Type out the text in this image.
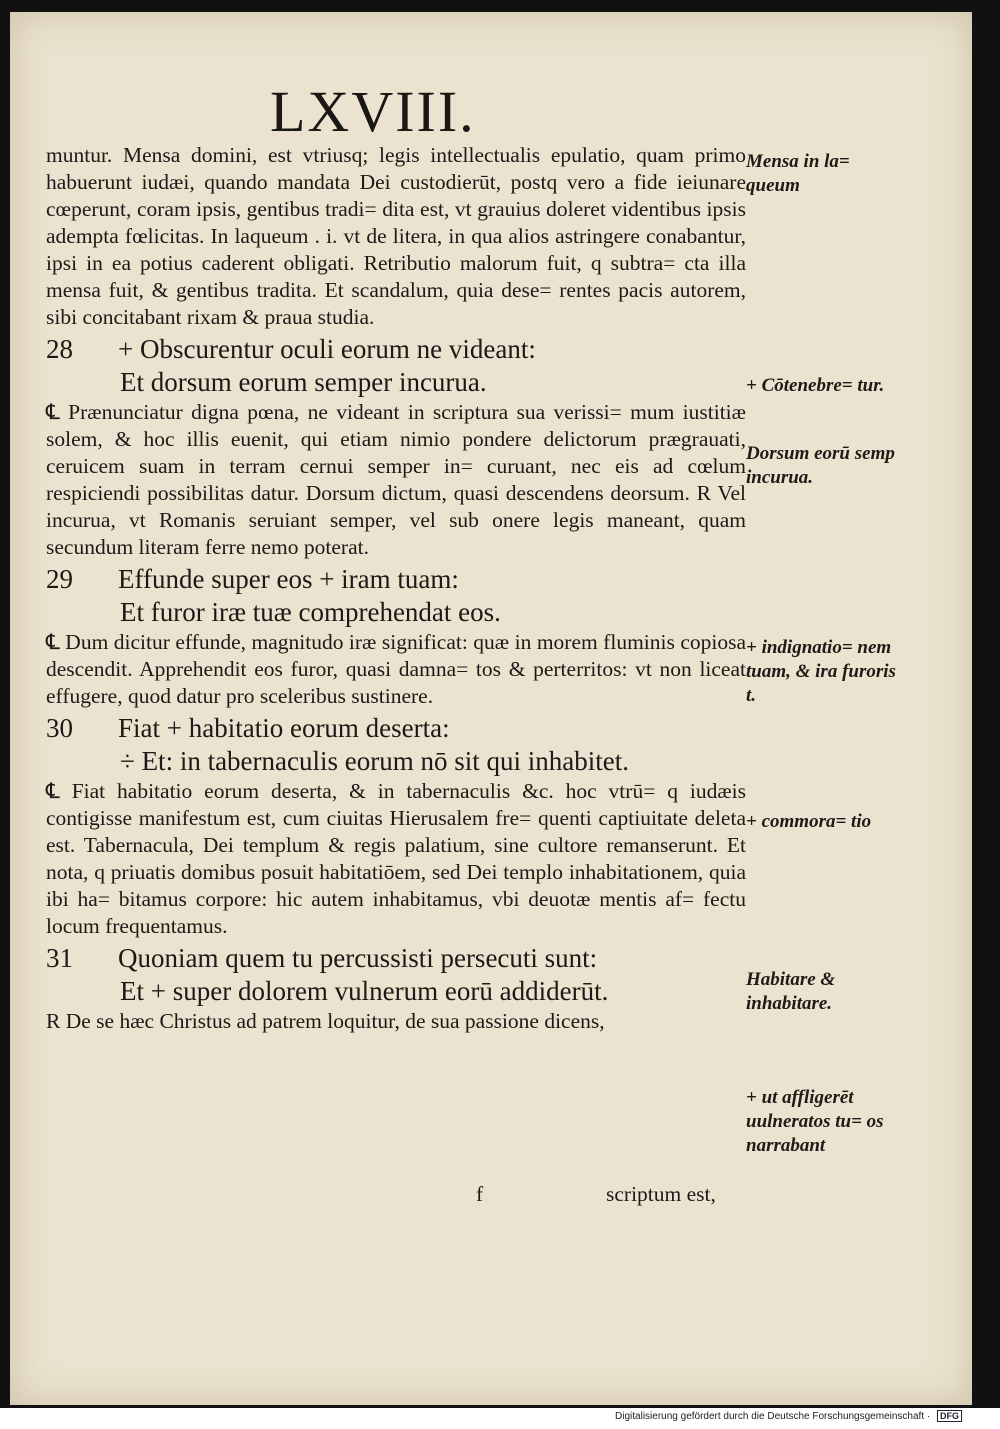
LXVIII.

muntur. Mensa domini, est vtriusq; legis intellectualis epulatio, quam primo habuerunt iudæi, quando mandata Dei custodierūt, postq vero a fide ieiunare cœperunt, coram ipsis, gentibus tradi= dita est, vt grauius doleret videntibus ipsis adempta fœlicitas. In laqueum . i. vt de litera, in qua alios astringere conabantur, ipsi in ea potius caderent obligati. Retributio malorum fuit, q subtra= cta illa mensa fuit, & gentibus tradita. Et scandalum, quia dese= rentes pacis autorem, sibi concitabant rixam & praua studia.

28	+ Obscurentur oculi eorum ne videant:
Et dorsum eorum semper incurua.

℄ Prænunciatur digna pœna, ne videant in scriptura sua verissi= mum iustitiæ solem, & hoc illis euenit, qui etiam nimio pondere delictorum prægrauati, ceruicem suam in terram cernui semper in= curuant, nec eis ad cœlum respiciendi possibilitas datur. Dorsum dictum, quasi descendens deorsum. R Vel incurua, vt Romanis seruiant semper, vel sub onere legis maneant, quam secundum literam ferre nemo poterat.

29	Effunde super eos + iram tuam:
Et furor iræ tuæ comprehendat eos.

℄ Dum dicitur effunde, magnitudo iræ significat: quæ in morem fluminis copiosa descendit. Apprehendit eos furor, quasi damna= tos & perterritos: vt non liceat effugere, quod datur pro sceleribus sustinere.

30	Fiat + habitatio eorum deserta:
÷ Et: in tabernaculis eorum nō sit qui inhabitet.

℄ Fiat habitatio eorum deserta, & in tabernaculis &c. hoc vtrū= q iudæis contigisse manifestum est, cum ciuitas Hierusalem fre= quenti captiuitate deleta est. Tabernacula, Dei templum & regis palatium, sine cultore remanserunt. Et nota, q priuatis domibus posuit habitatiōem, sed Dei templo inhabitationem, quia ibi ha= bitamus corpore: hic autem inhabitamus, vbi deuotæ mentis af= fectu locum frequentamus.

31	Quoniam quem tu percussisti persecuti sunt:
Et + super dolorem vulnerum eorū addiderūt.

R De se hæc Christus ad patrem loquitur, de sua passione dicens,

f	scriptum est,
Mensa in la= queum
+ Cōtenebre= tur.
Dorsum eorū semp incurua.
+ indignatio= nem tuam, & ira furoris t.
+ commora= tio
Habitare & inhabitare.
+ ut affligerēt uulneratos tu= os narrabant
Digitalisierung gefördert durch die Deutsche Forschungsgemeinschaft · DFG
